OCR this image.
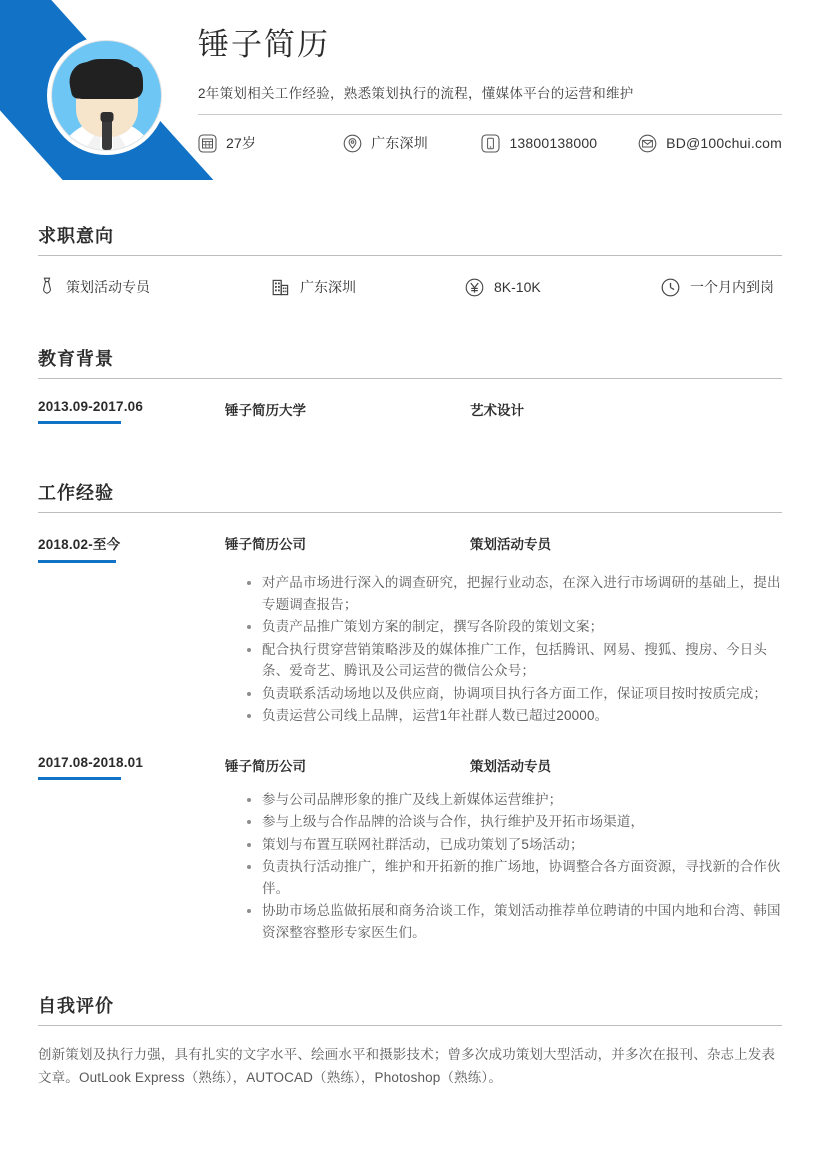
锤子简历
2年策划相关工作经验，熟悉策划执行的流程，懂媒体平台的运营和维护
27岁	广东深圳	13800138000	BD@100chui.com
求职意向
策划活动专员	广东深圳	8K-10K	一个月内到岗
教育背景
2013.09-2017.06	锤子简历大学	艺术设计
工作经验
2018.02-至今	锤子简历公司	策划活动专员
对产品市场进行深入的调查研究，把握行业动态，在深入进行市场调研的基础上，提出专题调查报告；
负责产品推广策划方案的制定，撰写各阶段的策划文案；
配合执行贯穿营销策略涉及的媒体推广工作，包括腾讯、网易、搜狐、搜房、今日头条、爱奇艺、腾讯及公司运营的微信公众号；
负责联系活动场地以及供应商，协调项目执行各方面工作，保证项目按时按质完成；
负责运营公司线上品牌，运营1年社群人数已超过20000。
2017.08-2018.01	锤子简历公司	策划活动专员
参与公司品牌形象的推广及线上新媒体运营维护；
参与上级与合作品牌的洽谈与合作，执行维护及开拓市场渠道，
策划与布置互联网社群活动，已成功策划了5场活动；
负责执行活动推广，维护和开拓新的推广场地，协调整合各方面资源，寻找新的合作伙伴。
协助市场总监做拓展和商务洽谈工作，策划活动推荐单位聘请的中国内地和台湾、韩国资深整容整形专家医生们。
自我评价
创新策划及执行力强，具有扎实的文字水平、绘画水平和摄影技术；曾多次成功策划大型活动，并多次在报刊、杂志上发表文章。OutLook Express（熟练），AUTOCAD（熟练），Photoshop（熟练）。
